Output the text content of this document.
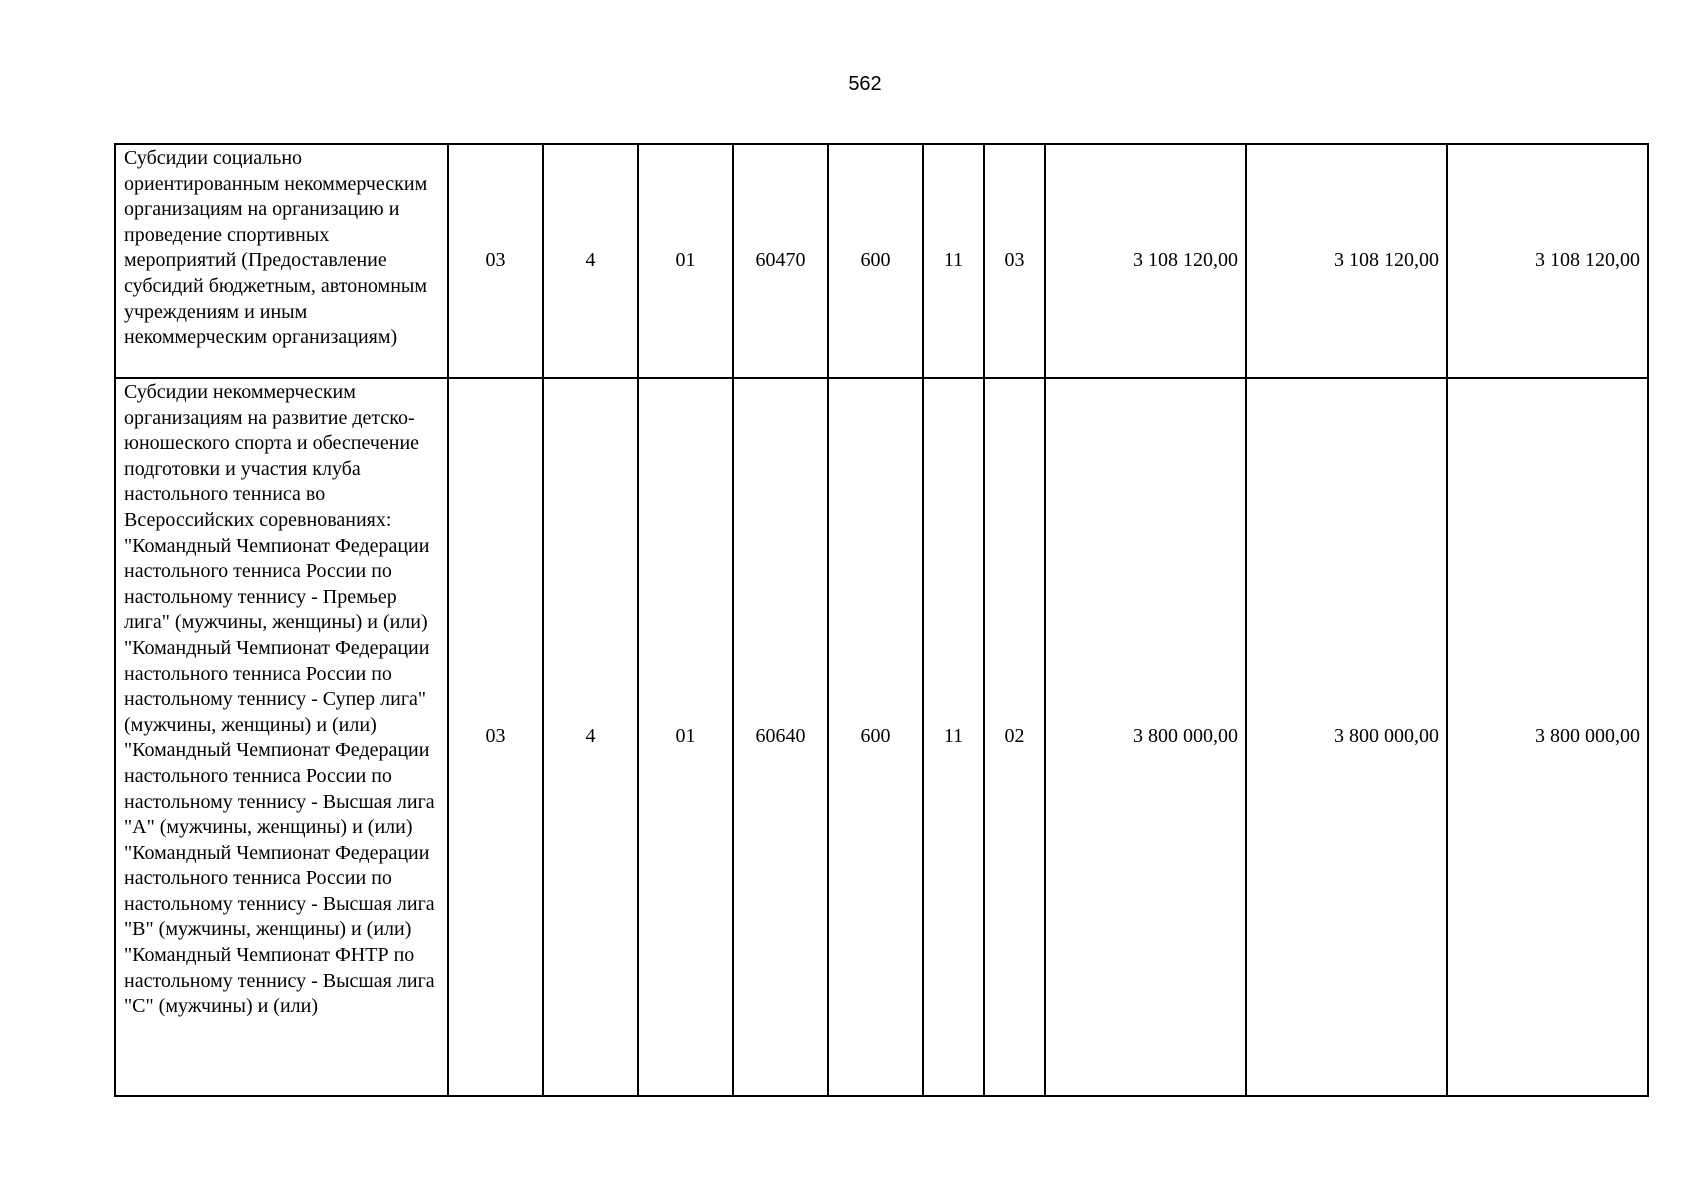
562
Субсидии социально ориентированным некоммерческим организациям на организацию и проведение спортивных мероприятий (Предоставление субсидий бюджетным, автономным учреждениям и иным некоммерческим организациям)	03	4	01	60470	600	11	03	3 108 120,00	3 108 120,00	3 108 120,00
Субсидии некоммерческим организациям на развитие детско-юношеского спорта и обеспечение подготовки и участия клуба настольного тенниса во Всероссийских соревнованиях: "Командный Чемпионат Федерации настольного тенниса России по настольному теннису - Премьер лига" (мужчины, женщины) и (или) "Командный Чемпионат Федерации настольного тенниса России по настольному теннису - Супер лига" (мужчины, женщины) и (или) "Командный Чемпионат Федерации настольного тенниса России по настольному теннису - Высшая лига "А" (мужчины, женщины) и (или) "Командный Чемпионат Федерации настольного тенниса России по настольному теннису - Высшая лига "В" (мужчины, женщины) и (или) "Командный Чемпионат ФНТР по настольному теннису - Высшая лига "С" (мужчины) и (или)	03	4	01	60640	600	11	02	3 800 000,00	3 800 000,00	3 800 000,00
